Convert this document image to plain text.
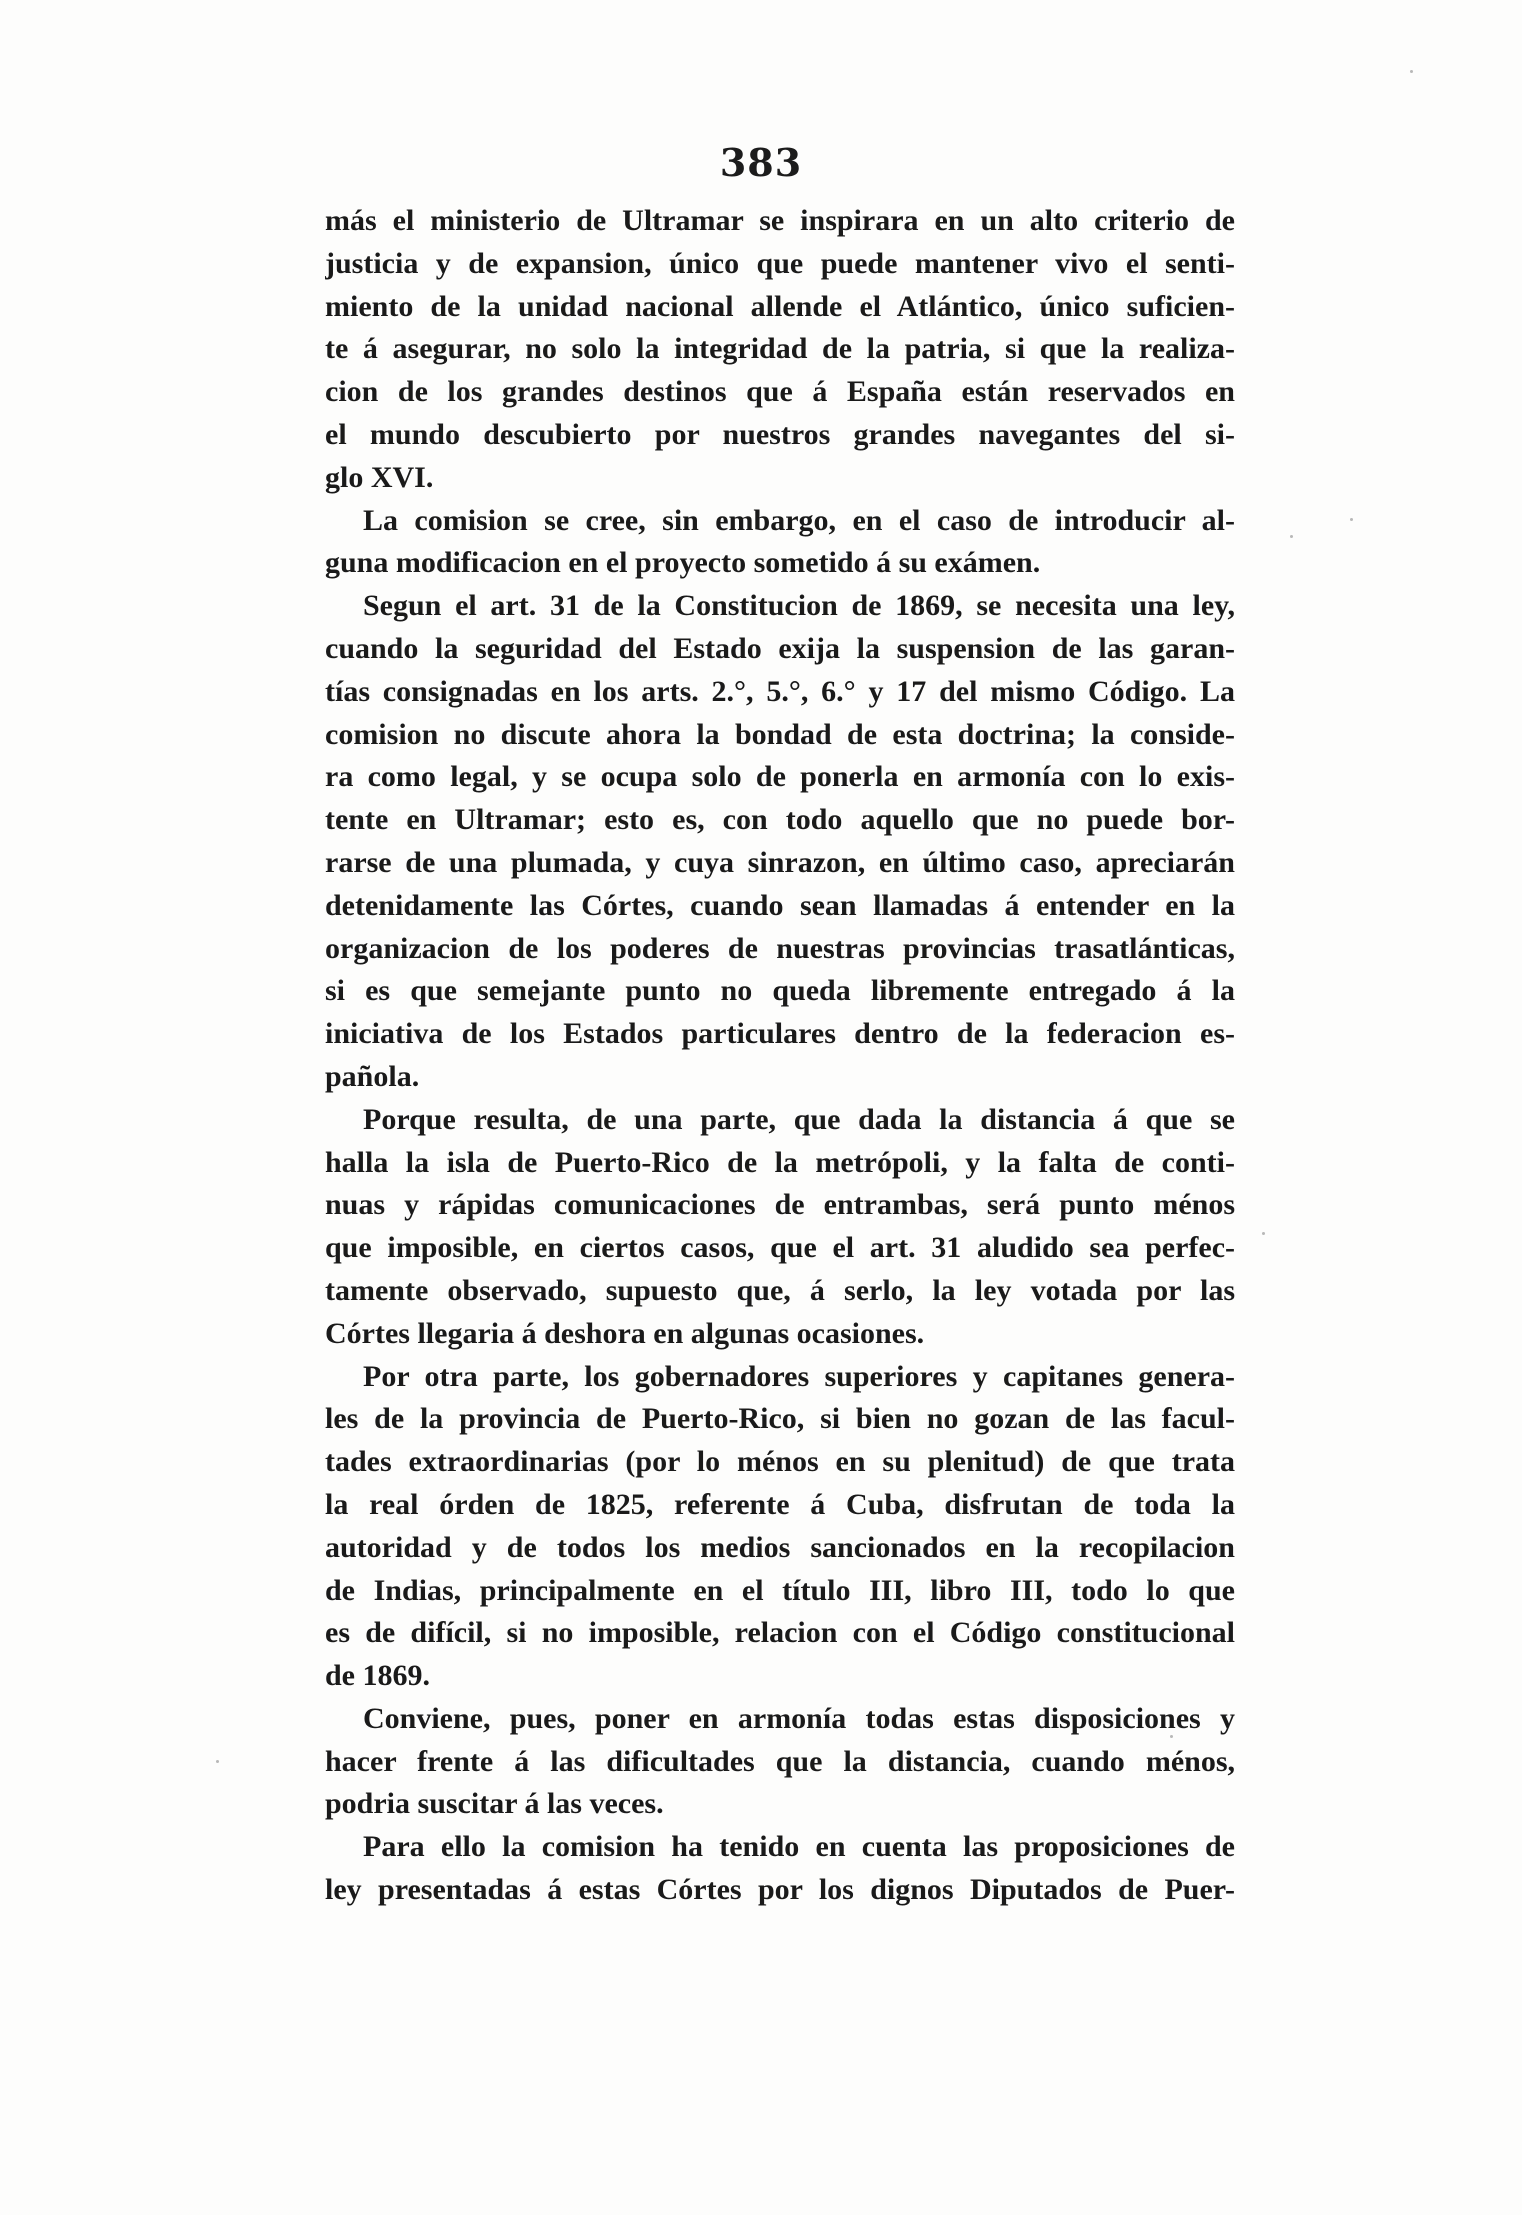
383
más el ministerio de Ultramar se inspirara en un alto criterio de
justicia y de expansion, único que puede mantener vivo el senti-
miento de la unidad nacional allende el Atlántico, único suficien-
te á asegurar, no solo la integridad de la patria, si que la realiza-
cion de los grandes destinos que á España están reservados en
el mundo descubierto por nuestros grandes navegantes del si-
glo XVI.
La comision se cree, sin embargo, en el caso de introducir al-
guna modificacion en el proyecto sometido á su exámen.
Segun el art. 31 de la Constitucion de 1869, se necesita una ley,
cuando la seguridad del Estado exija la suspension de las garan-
tías consignadas en los arts. 2.°, 5.°, 6.° y 17 del mismo Código. La
comision no discute ahora la bondad de esta doctrina; la conside-
ra como legal, y se ocupa solo de ponerla en armonía con lo exis-
tente en Ultramar; esto es, con todo aquello que no puede bor-
rarse de una plumada, y cuya sinrazon, en último caso, apreciarán
detenidamente las Córtes, cuando sean llamadas á entender en la
organizacion de los poderes de nuestras provincias trasatlánticas,
si es que semejante punto no queda libremente entregado á la
iniciativa de los Estados particulares dentro de la federacion es-
pañola.
Porque resulta, de una parte, que dada la distancia á que se
halla la isla de Puerto-Rico de la metrópoli, y la falta de conti-
nuas y rápidas comunicaciones de entrambas, será punto ménos
que imposible, en ciertos casos, que el art. 31 aludido sea perfec-
tamente observado, supuesto que, á serlo, la ley votada por las
Córtes llegaria á deshora en algunas ocasiones.
Por otra parte, los gobernadores superiores y capitanes genera-
les de la provincia de Puerto-Rico, si bien no gozan de las facul-
tades extraordinarias (por lo ménos en su plenitud) de que trata
la real órden de 1825, referente á Cuba, disfrutan de toda la
autoridad y de todos los medios sancionados en la recopilacion
de Indias, principalmente en el título III, libro III, todo lo que
es de difícil, si no imposible, relacion con el Código constitucional
de 1869.
Conviene, pues, poner en armonía todas estas disposiciones y
hacer frente á las dificultades que la distancia, cuando ménos,
podria suscitar á las veces.
Para ello la comision ha tenido en cuenta las proposiciones de
ley presentadas á estas Córtes por los dignos Diputados de Puer-
